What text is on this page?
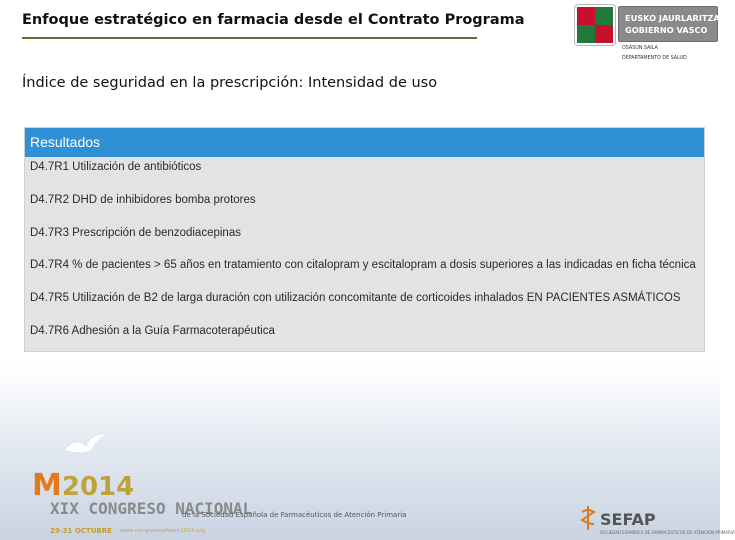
Enfoque estratégico en farmacia desde el Contrato Programa
Índice de seguridad en la prescripción: Intensidad de uso
EUSKO JAURLARITZA
GOBIERNO VASCO
OSASUN SAILA
DEPARTAMENTO DE SALUD
Resultados
D4.7R1 Utilización de antibióticos
D4.7R2 DHD de inhibidores bomba protores
D4.7R3 Prescripción de benzodiacepinas
D4.7R4 % de pacientes > 65 años en tratamiento con citalopram y escitalopram a dosis superiores a las indicadas en ficha técnica
D4.7R5 Utilización de B2 de larga duración con utilización concomitante de corticoides inhalados EN PACIENTES ASMÁTICOS
D4.7R6 Adhesión a la Guía Farmacoterapéutica
M2014
XIX CONGRESO NACIONAL
de la Sociedad Española de Farmacéuticos de Atención Primaria
29-31 OCTUBRE www.congresosefapm2014.org
SEFAP
SOCIEDAD ESPAÑOLA DE FARMACÉUTICOS DE ATENCIÓN PRIMARIA
